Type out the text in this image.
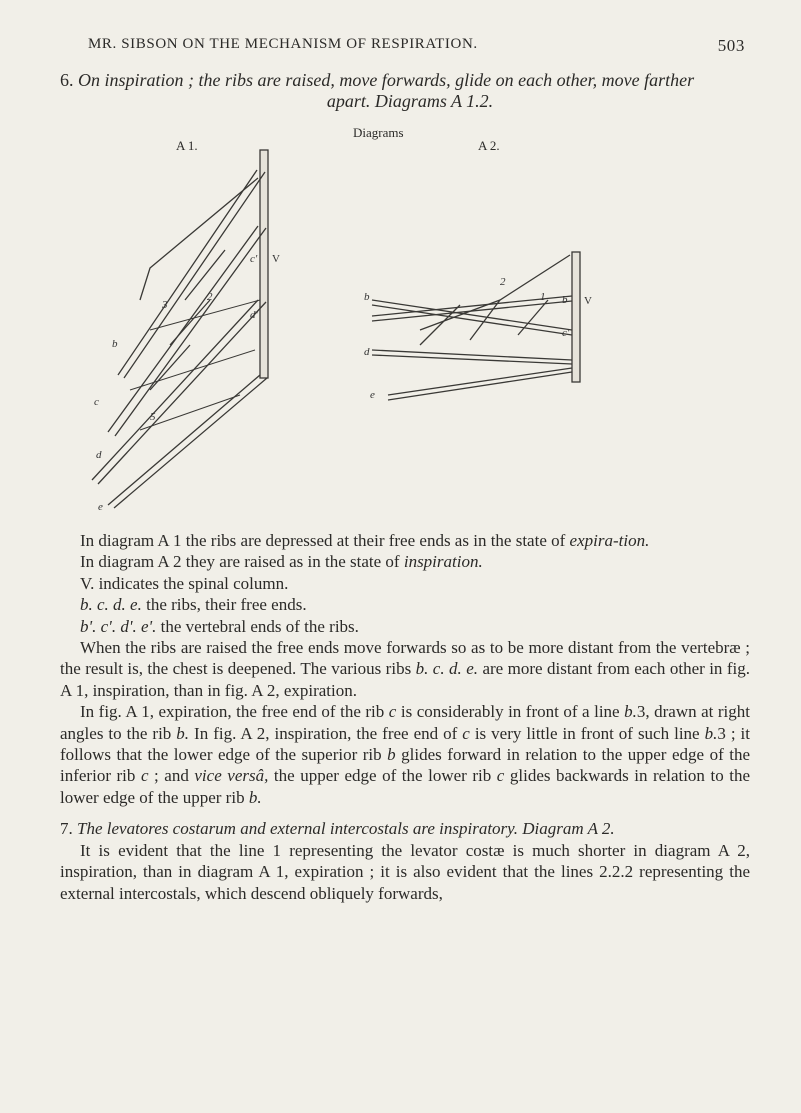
MR. SIBSON ON THE MECHANISM OF RESPIRATION.	503
6. On inspiration ; the ribs are raised, move forwards, glide on each other, move farther
apart. Diagrams A 1.2.
Diagrams
A 1.	A 2.
V
b
c
d
e
c'
d'
2
3
5
V
b
b
d
e
c'
2
1

In diagram A 1 the ribs are depressed at their free ends as in the state of expira-tion.

In diagram A 2 they are raised as in the state of inspiration.

V. indicates the spinal column.

b. c. d. e. the ribs, their free ends.

b'. c'. d'. e'. the vertebral ends of the ribs.

When the ribs are raised the free ends move forwards so as to be more distant from the vertebræ ; the result is, the chest is deepened. The various ribs b. c. d. e. are more distant from each other in fig. A 1, inspiration, than in fig. A 2, expiration.

In fig. A 1, expiration, the free end of the rib c is considerably in front of a line b.3, drawn at right angles to the rib b. In fig. A 2, inspiration, the free end of c is very little in front of such line b.3 ; it follows that the lower edge of the superior rib b glides forward in relation to the upper edge of the inferior rib c ; and vice versâ, the upper edge of the lower rib c glides backwards in relation to the lower edge of the upper rib b.

7. The levatores costarum and external intercostals are inspiratory. Diagram A 2.

It is evident that the line 1 representing the levator costæ is much shorter in diagram A 2, inspiration, than in diagram A 1, expiration ; it is also evident that the lines 2.2.2 representing the external intercostals, which descend obliquely forwards,
